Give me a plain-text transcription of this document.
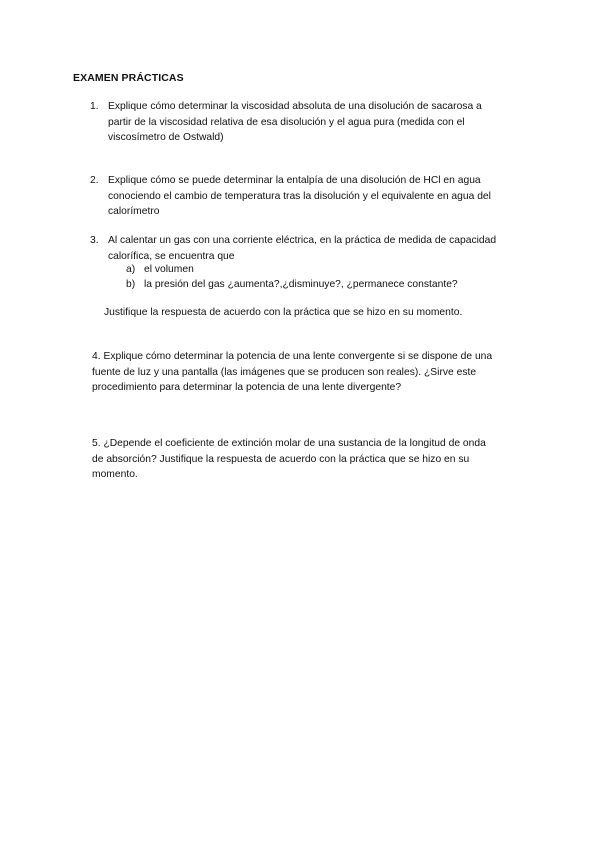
EXAMEN PRÁCTICAS
1. Explique cómo determinar la viscosidad absoluta de una disolución de sacarosa a
partir de la viscosidad relativa de esa disolución y el agua pura (medida con el
viscosímetro de Ostwald)
2. Explique cómo se puede determinar la entalpía de una disolución de HCl en agua
conociendo el cambio de temperatura tras la disolución y el equivalente en agua del
calorímetro
3. Al calentar un gas con una corriente eléctrica, en la práctica de medida de capacidad
calorífica, se encuentra que
a) el volumen
b) la presión del gas ¿aumenta?,¿disminuye?, ¿permanece constante?
Justifique la respuesta de acuerdo con la práctica que se hizo en su momento.
4. Explique cómo determinar la potencia de una lente convergente si se dispone de una
fuente de luz y una pantalla (las imágenes que se producen son reales). ¿Sirve este
procedimiento para determinar la potencia de una lente divergente?
5. ¿Depende el coeficiente de extinción molar de una sustancia de la longitud de onda
de absorción? Justifique la respuesta de acuerdo con la práctica que se hizo en su
momento.
